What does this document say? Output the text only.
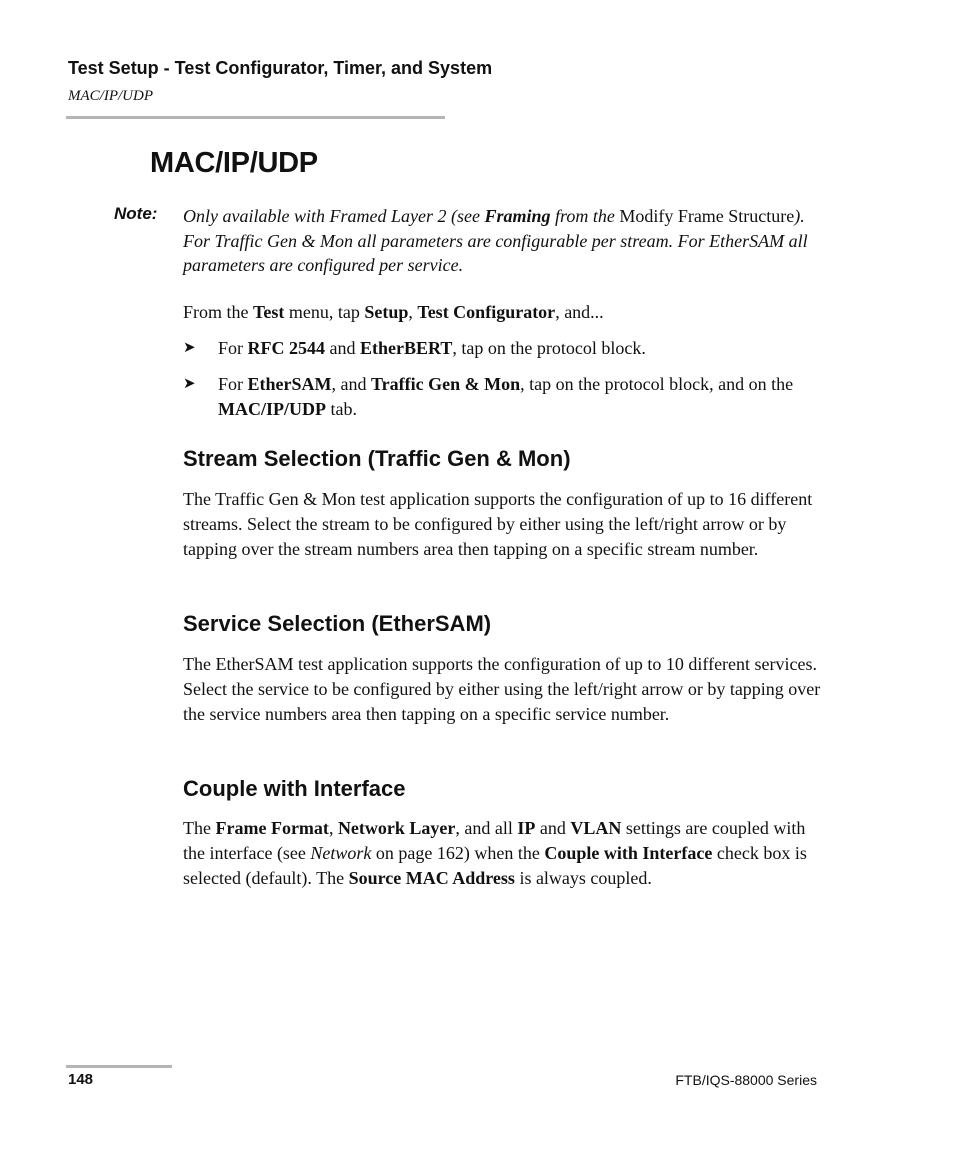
Test Setup - Test Configurator, Timer, and System
MAC/IP/UDP
MAC/IP/UDP
Note: Only available with Framed Layer 2 (see Framing from the Modify Frame Structure). For Traffic Gen & Mon all parameters are configurable per stream. For EtherSAM all parameters are configured per service.

From the Test menu, tap Setup, Test Configurator, and...

➤ For RFC 2544 and EtherBERT, tap on the protocol block.
➤ For EtherSAM, and Traffic Gen & Mon, tap on the protocol block, and on the MAC/IP/UDP tab.
Stream Selection (Traffic Gen & Mon)

The Traffic Gen & Mon test application supports the configuration of up to 16 different streams. Select the stream to be configured by either using the left/right arrow or by tapping over the stream numbers area then tapping on a specific stream number.

Service Selection (EtherSAM)

The EtherSAM test application supports the configuration of up to 10 different services. Select the service to be configured by either using the left/right arrow or by tapping over the service numbers area then tapping on a specific service number.

Couple with Interface

The Frame Format, Network Layer, and all IP and VLAN settings are coupled with the interface (see Network on page 162) when the Couple with Interface check box is selected (default). The Source MAC Address is always coupled.

148	FTB/IQS-88000 Series
